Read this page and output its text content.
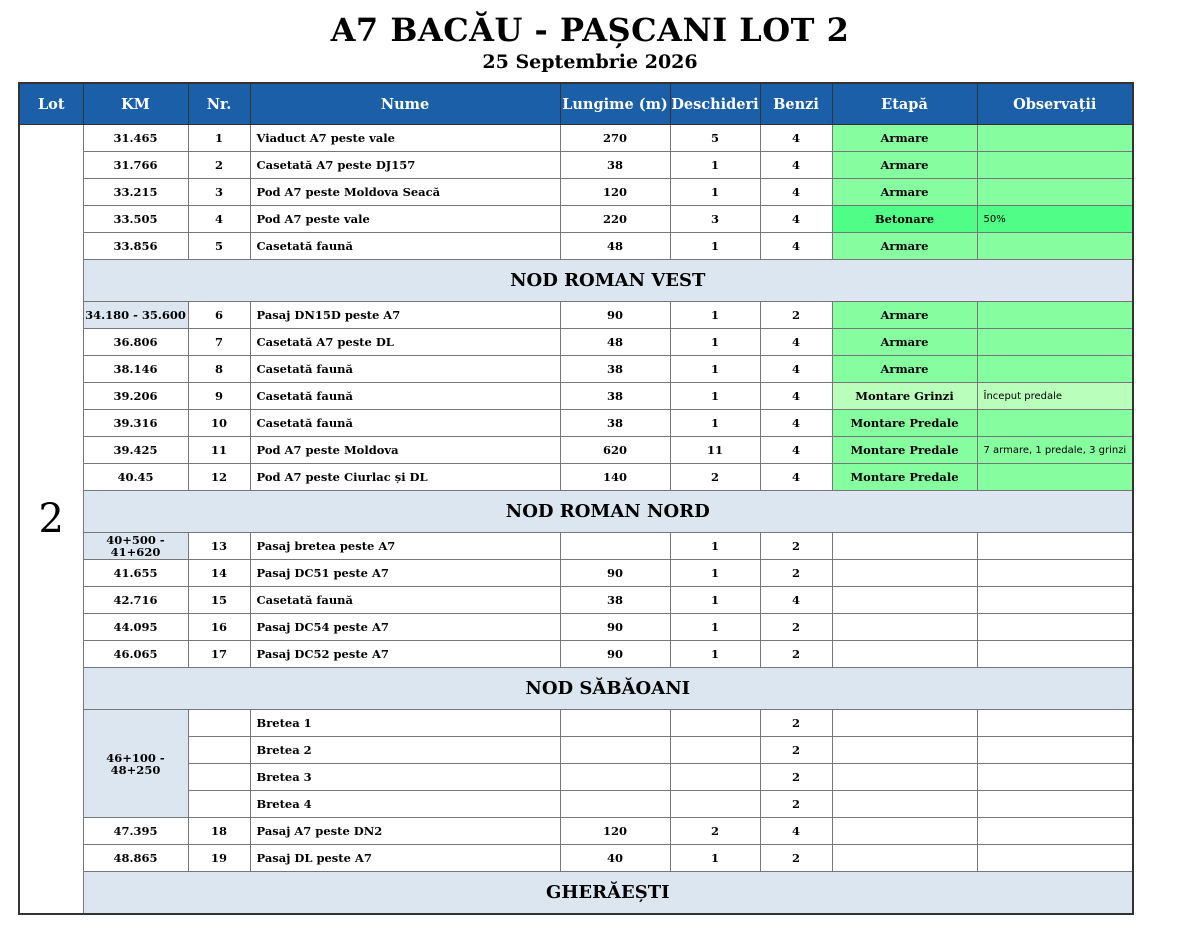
A7 BACĂU - PAȘCANI LOT 2
25 Septembrie 2026
Lot	KM	Nr.	Nume	Lungime (m)	Deschideri	Benzi	Etapă	Observații
2	31.465	1	Viaduct A7 peste vale	270	5	4	Armare	
	31.766	2	Casetată A7 peste DJ157	38	1	4	Armare	
	33.215	3	Pod A7 peste Moldova Seacă	120	1	4	Armare	
	33.505	4	Pod A7 peste vale	220	3	4	Betonare	50%
	33.856	5	Casetată faună	48	1	4	Armare	
	NOD ROMAN VEST							
	34.180 - 35.600	6	Pasaj DN15D peste A7	90	1	2	Armare	
	36.806	7	Casetată A7 peste DL	48	1	4	Armare	
	38.146	8	Casetată faună	38	1	4	Armare	
	39.206	9	Casetată faună	38	1	4	Montare Grinzi	Început predale
	39.316	10	Casetată faună	38	1	4	Montare Predale	
	39.425	11	Pod A7 peste Moldova	620	11	4	Montare Predale	7 armare, 1 predale, 3 grinzi
	40.45	12	Pod A7 peste Ciurlac și DL	140	2	4	Montare Predale	
	NOD ROMAN NORD							
	40+500 - 41+620	13	Pasaj bretea peste A7		1	2		
	41.655	14	Pasaj DC51 peste A7	90	1	2		
	42.716	15	Casetată faună	38	1	4		
	44.095	16	Pasaj DC54 peste A7	90	1	2		
	46.065	17	Pasaj DC52 peste A7	90	1	2		
	NOD SĂBĂOANI							
	46+100 - 48+250		Bretea 1			2		
			Bretea 2			2		
			Bretea 3			2		
			Bretea 4			2		
	47.395	18	Pasaj A7 peste DN2	120	2	4		
	48.865	19	Pasaj DL peste A7	40	1	2		
	GHERĂEȘTI							
